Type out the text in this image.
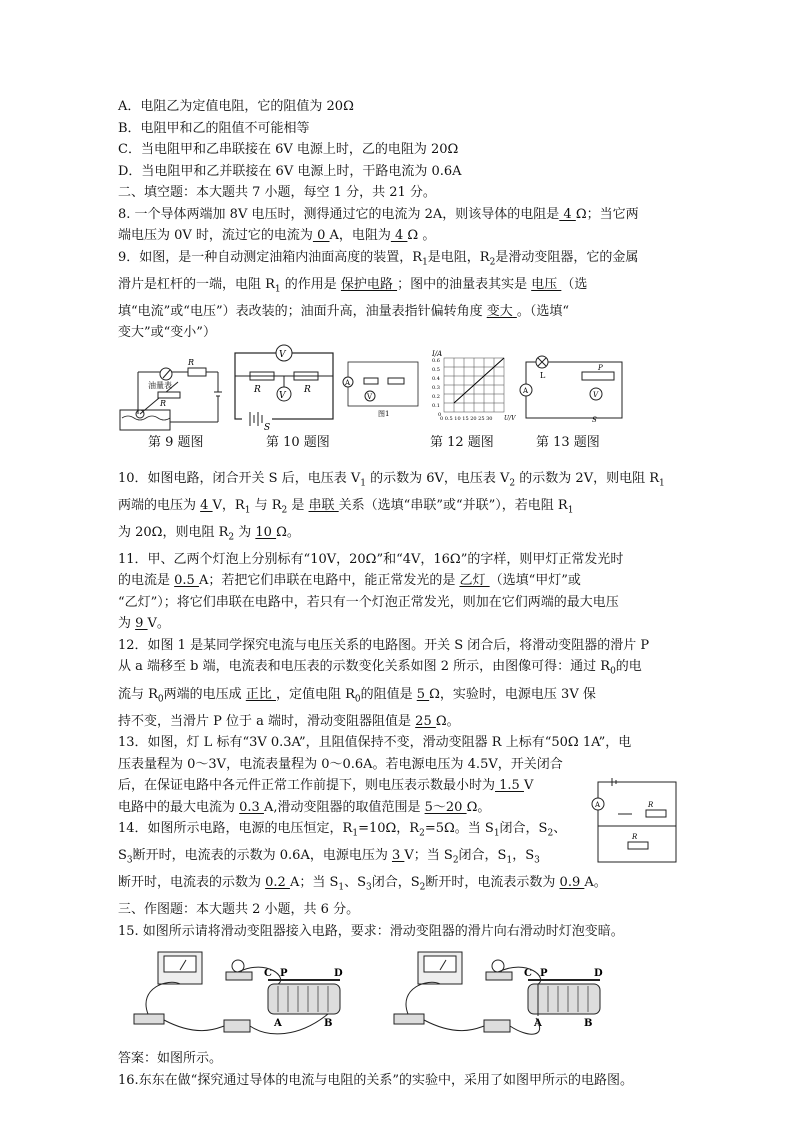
A．电阻乙为定值电阻，它的阻值为 20Ω
B．电阻甲和乙的阻值不可能相等
C．当电阻甲和乙串联接在 6V 电源上时，乙的电阻为 20Ω
D．当电阻甲和乙并联接在 6V 电源上时，干路电流为 0.6A
二、填空题：本大题共 7 小题，每空 1 分，共 21 分。
8. 一个导体两端加 8V 电压时，测得通过它的电流为 2A，则该导体的电阻是 4 Ω；当它两
端电压为 0V 时，流过它的电流为 0 A，电阻为 4 Ω 。
9．如图，是一种自动测定油箱内油面高度的装置，$R_1$是电阻，$R_2$是滑动变阻器，它的金属
滑片是杠杆的一端，电阻 $R_1$ 的作用是 保护电路 ；图中的油量表其实是 电压 （选
填“电流”或“电压”）表改装的；油面升高，油量表指针偏转角度 变大 。（选填“
变大”或“变小”）
R
油量表
R
第 9 题图
V
R	R
V
S
第 10 题图
A
V
图1
I/A
0.6
0.5
0.4
0.3
0.2
0.1
0
0 0.5 10 15 20 25 30 U/V
第 12 题图
L
P
V
A
S
第 13 题图
10．如图电路，闭合开关 S 后，电压表 $V_1$ 的示数为 6V，电压表 $V_2$ 的示数为 2V，则电阻 $R_1$
两端的电压为 4 V，$R_1$ 与 $R_2$ 是 串联 关系（选填“串联”或“并联”），若电阻 $R_1$
为 20Ω，则电阻 $R_2$ 为 10 Ω。
11．甲、乙两个灯泡上分别标有“10V，20Ω”和“4V，16Ω”的字样，则甲灯正常发光时
的电流是 0.5 A；若把它们串联在电路中，能正常发光的是 乙灯 （选填“甲灯”或
“乙灯”）；将它们串联在电路中，若只有一个灯泡正常发光，则加在它们两端的最大电压
为 9 V。
12．如图 1 是某同学探究电流与电压关系的电路图。开关 S 闭合后，将滑动变阻器的滑片 P
从 a 端移至 b 端，电流表和电压表的示数变化关系如图 2 所示，由图像可得：通过 $R_0$的电
流与 $R_0$两端的电压成 正比 ，定值电阻 $R_0$的阻值是 5 Ω，实验时，电源电压 3V 保
持不变，当滑片 P 位于 a 端时，滑动变阻器阻值是 25 Ω。
A	R
R
13．如图，灯 L 标有“3V 0.3A”，且阻值保持不变，滑动变阻器 R 上标有“50Ω 1A”，电
压表量程为 0～3V，电流表量程为 0～0.6A。若电源电压为 4.5V，开关闭合
后，在保证电路中各元件正常工作前提下，则电压表示数最小时为 1.5 V
电路中的最大电流为 0.3 A,滑动变阻器的取值范围是 5～20 Ω。
14．如图所示电路，电源的电压恒定，$R_1=10\Omega$，$R_2=5\Omega$。当 $S_1$闭合，$S_2$、
$S_3$断开时，电流表的示数为 0.6A，电源电压为 3 V；当 $S_2$闭合，$S_1$，$S_3$
断开时，电流表的示数为 0.2 A；当 $S_1$、$S_3$闭合，$S_2$断开时，电流表示数为 0.9 A。
三、作图题：本大题共 2 小题，共 6 分。
15. 如图所示请将滑动变阻器接入电路，要求：滑动变阻器的滑片向右滑动时灯泡变暗。
C P	D
A	B
C P	D
A	B
答案：如图所示。
16.东东在做“探究通过导体的电流与电阻的关系”的实验中，采用了如图甲所示的电路图。
